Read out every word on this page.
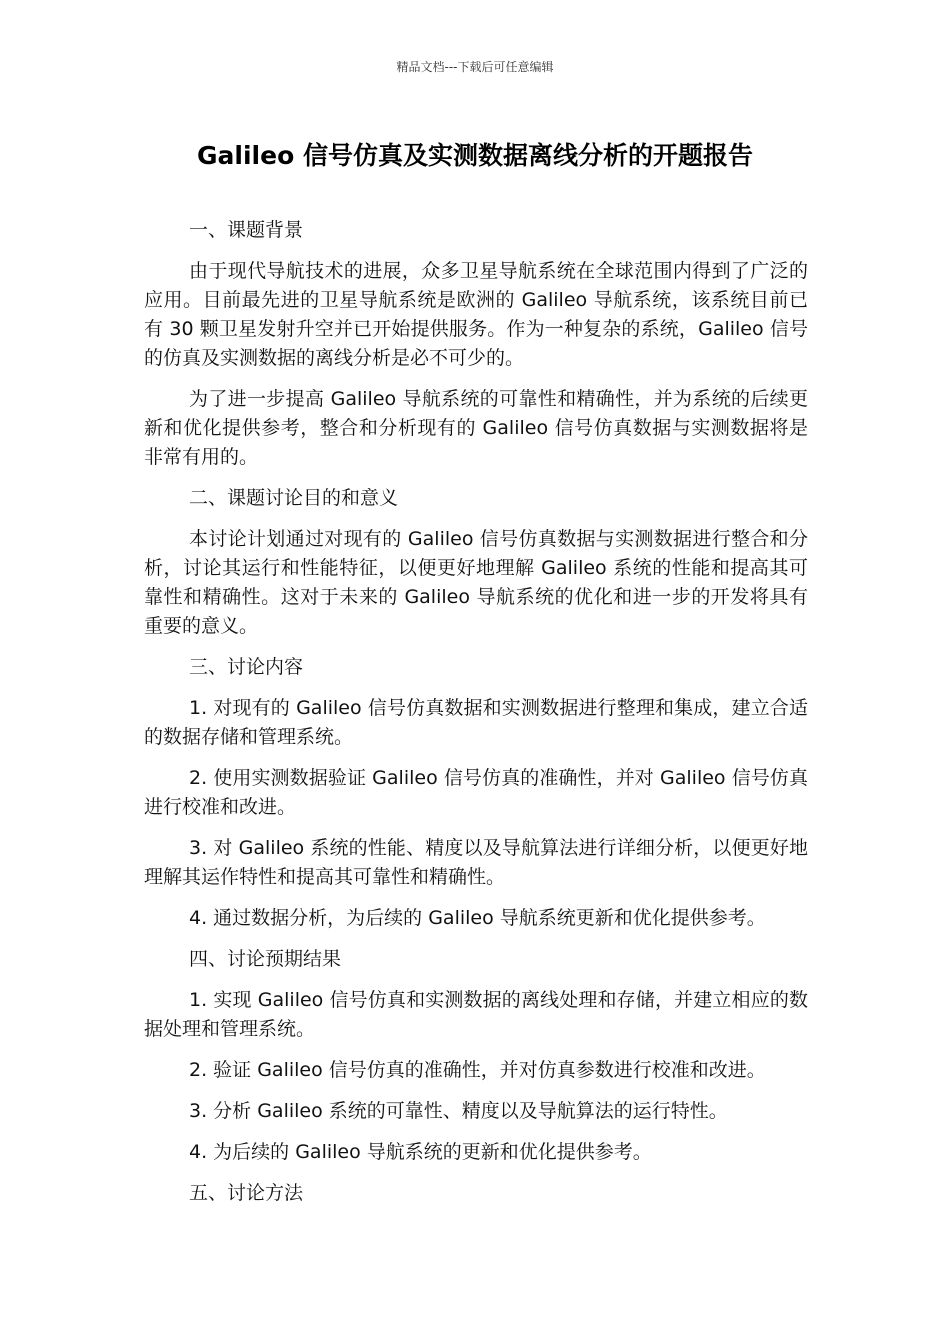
精品文档---下载后可任意编辑
Galileo 信号仿真及实测数据离线分析的开题报告

一、课题背景

由于现代导航技术的进展，众多卫星导航系统在全球范围内得到了广泛的应用。目前最先进的卫星导航系统是欧洲的 Galileo 导航系统，该系统目前已有 30 颗卫星发射升空并已开始提供服务。作为一种复杂的系统，Galileo 信号的仿真及实测数据的离线分析是必不可少的。

为了进一步提高 Galileo 导航系统的可靠性和精确性，并为系统的后续更新和优化提供参考，整合和分析现有的 Galileo 信号仿真数据与实测数据将是非常有用的。

二、课题讨论目的和意义

本讨论计划通过对现有的 Galileo 信号仿真数据与实测数据进行整合和分析，讨论其运行和性能特征，以便更好地理解 Galileo 系统的性能和提高其可靠性和精确性。这对于未来的 Galileo 导航系统的优化和进一步的开发将具有重要的意义。

三、讨论内容

1. 对现有的 Galileo 信号仿真数据和实测数据进行整理和集成，建立合适的数据存储和管理系统。

2. 使用实测数据验证 Galileo 信号仿真的准确性，并对 Galileo 信号仿真进行校准和改进。

3. 对 Galileo 系统的性能、精度以及导航算法进行详细分析，以便更好地理解其运作特性和提高其可靠性和精确性。

4. 通过数据分析，为后续的 Galileo 导航系统更新和优化提供参考。

四、讨论预期结果

1. 实现 Galileo 信号仿真和实测数据的离线处理和存储，并建立相应的数据处理和管理系统。

2. 验证 Galileo 信号仿真的准确性，并对仿真参数进行校准和改进。

3. 分析 Galileo 系统的可靠性、精度以及导航算法的运行特性。

4. 为后续的 Galileo 导航系统的更新和优化提供参考。

五、讨论方法
